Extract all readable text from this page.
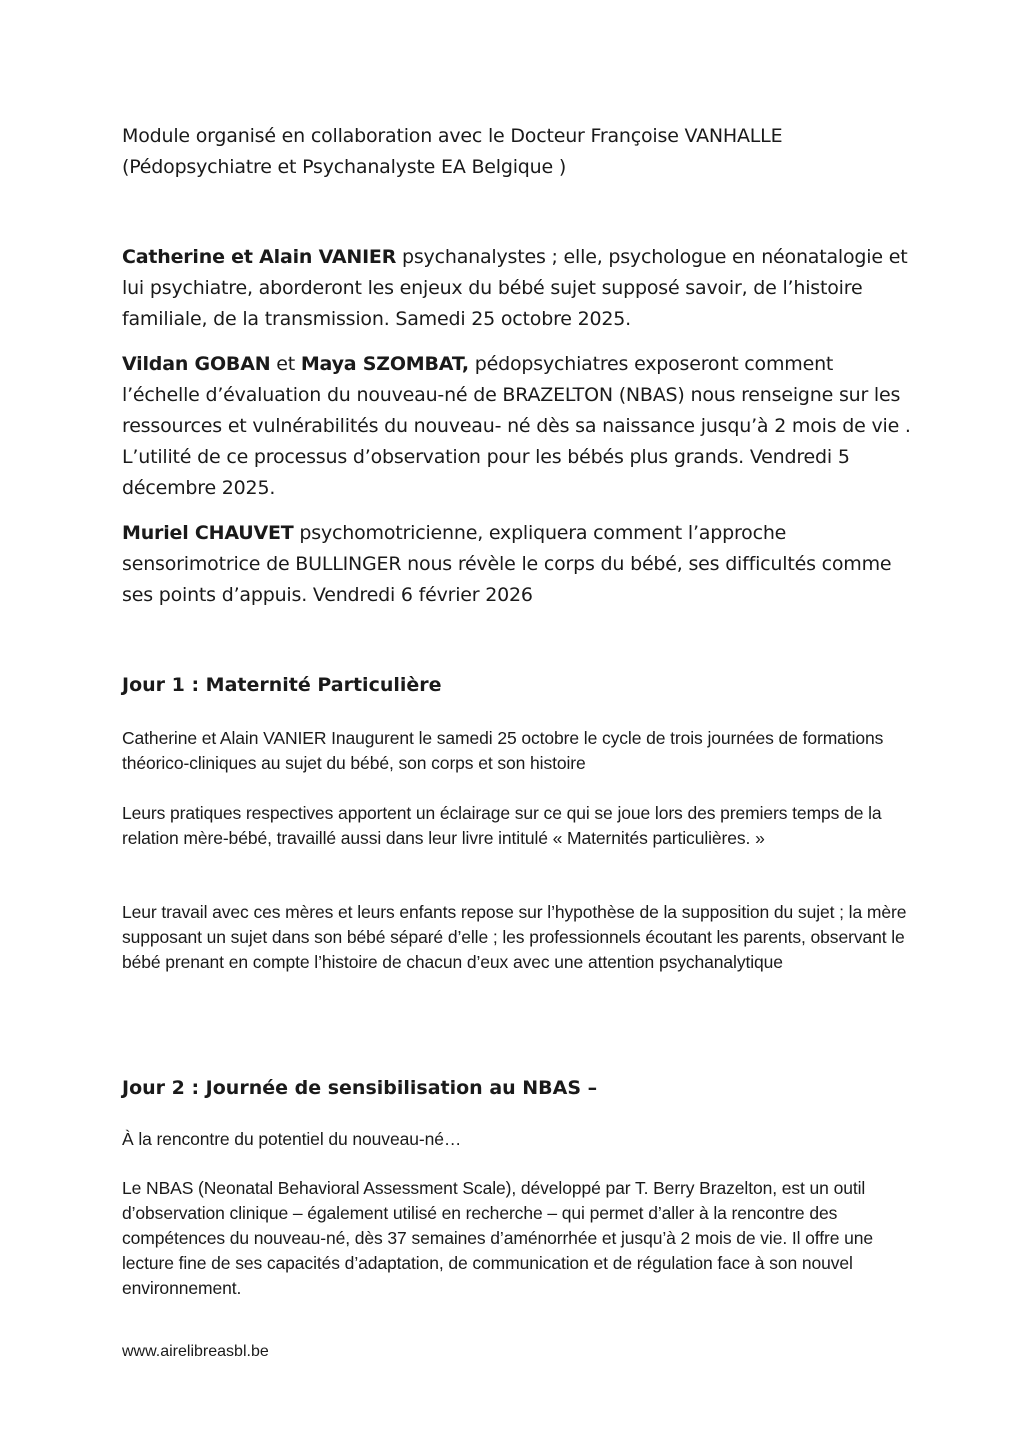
Module organisé en collaboration avec le Docteur Françoise VANHALLE
(Pédopsychiatre et Psychanalyste EA Belgique )

Catherine et Alain VANIER psychanalystes ; elle, psychologue en néonatalogie et lui psychiatre, aborderont les enjeux du bébé sujet supposé savoir, de l’histoire familiale, de la transmission. Samedi 25 octobre 2025.

Vildan GOBAN et Maya SZOMBAT, pédopsychiatres exposeront comment l’échelle d’évaluation du nouveau-né de BRAZELTON (NBAS) nous renseigne sur les ressources et vulnérabilités du nouveau- né dès sa naissance jusqu’à 2 mois de vie . L’utilité de ce processus d’observation pour les bébés plus grands. Vendredi 5 décembre 2025.

Muriel CHAUVET psychomotricienne, expliquera comment l’approche sensorimotrice de BULLINGER nous révèle le corps du bébé, ses difficultés comme ses points d’appuis. Vendredi 6 février 2026

Jour 1 : Maternité Particulière

Catherine et Alain VANIER Inaugurent le samedi 25 octobre le cycle de trois journées de formations théorico-cliniques au sujet du bébé, son corps et son histoire

Leurs pratiques respectives apportent un éclairage sur ce qui se joue lors des premiers temps de la relation mère-bébé, travaillé aussi dans leur livre intitulé « Maternités particulières. »

Leur travail avec ces mères et leurs enfants repose sur l’hypothèse de la supposition du sujet ; la mère supposant un sujet dans son bébé séparé d’elle ; les professionnels écoutant les parents, observant le bébé prenant en compte l’histoire de chacun d’eux avec une attention psychanalytique

Jour 2 : Journée de sensibilisation au NBAS –

À la rencontre du potentiel du nouveau-né…

Le NBAS (Neonatal Behavioral Assessment Scale), développé par T. Berry Brazelton, est un outil d’observation clinique – également utilisé en recherche – qui permet d’aller à la rencontre des compétences du nouveau-né, dès 37 semaines d’aménorrhée et jusqu’à 2 mois de vie. Il offre une lecture fine de ses capacités d’adaptation, de communication et de régulation face à son nouvel environnement.

www.airelibreasbl.be
